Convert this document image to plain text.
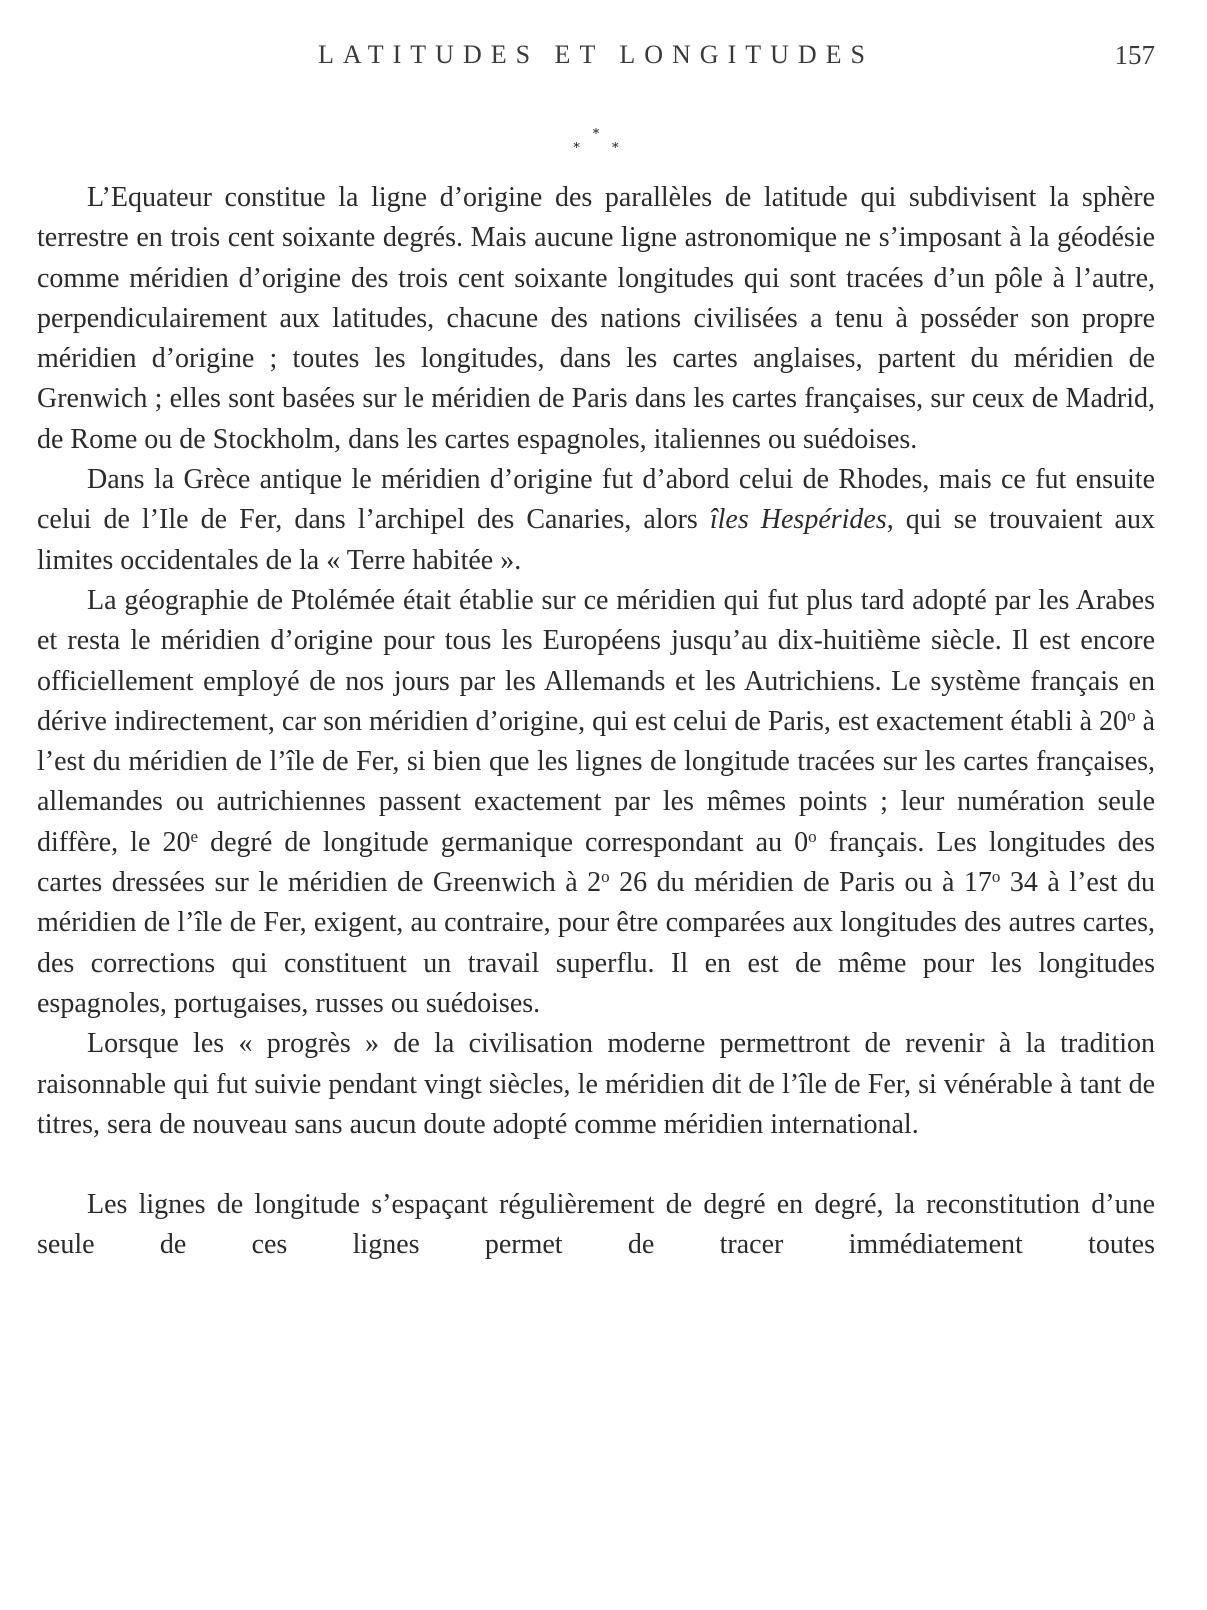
LATITUDES ET LONGITUDES	157
*
* *

L’Equateur constitue la ligne d’origine des parallèles de latitude qui subdivisent la sphère terrestre en trois cent soixante degrés. Mais aucune ligne astronomique ne s’imposant à la géodésie comme méridien d’origine des trois cent soixante longitudes qui sont tracées d’un pôle à l’autre, perpendiculairement aux latitudes, chacune des nations civilisées a tenu à posséder son propre méridien d’origine ; toutes les longitudes, dans les cartes anglaises, partent du méridien de Grenwich ; elles sont basées sur le méridien de Paris dans les cartes françaises, sur ceux de Madrid, de Rome ou de Stockholm, dans les cartes espagnoles, italiennes ou suédoises.

Dans la Grèce antique le méridien d’origine fut d’abord celui de Rhodes, mais ce fut ensuite celui de l’Ile de Fer, dans l’archipel des Canaries, alors îles Hespérides, qui se trouvaient aux limites occidentales de la « Terre habitée ».

La géographie de Ptolémée était établie sur ce méridien qui fut plus tard adopté par les Arabes et resta le méridien d’origine pour tous les Européens jusqu’au dix-huitième siècle. Il est encore officiellement employé de nos jours par les Allemands et les Autrichiens. Le système français en dérive indirectement, car son méridien d’origine, qui est celui de Paris, est exactement établi à 20$^o$ à l’est du méridien de l’île de Fer, si bien que les lignes de longitude tracées sur les cartes françaises, allemandes ou autrichiennes passent exactement par les mêmes points ; leur numération seule diffère, le 20e degré de longitude germanique correspondant au 0$^o$ français. Les longitudes des cartes dressées sur le méridien de Greenwich à 2$^o$ 26 du méridien de Paris ou à 17$^o$ 34 à l’est du méridien de l’île de Fer, exigent, au contraire, pour être comparées aux longitudes des autres cartes, des corrections qui constituent un travail superflu. Il en est de même pour les longitudes espagnoles, portugaises, russes ou suédoises.

Lorsque les « progrès » de la civilisation moderne permettront de revenir à la tradition raisonnable qui fut suivie pendant vingt siècles, le méridien dit de l’île de Fer, si vénérable à tant de titres, sera de nouveau sans aucun doute adopté comme méridien international.

Les lignes de longitude s’espaçant régulièrement de degré en degré, la reconstitution d’une seule de ces lignes permet de tracer immédiatement toutes
